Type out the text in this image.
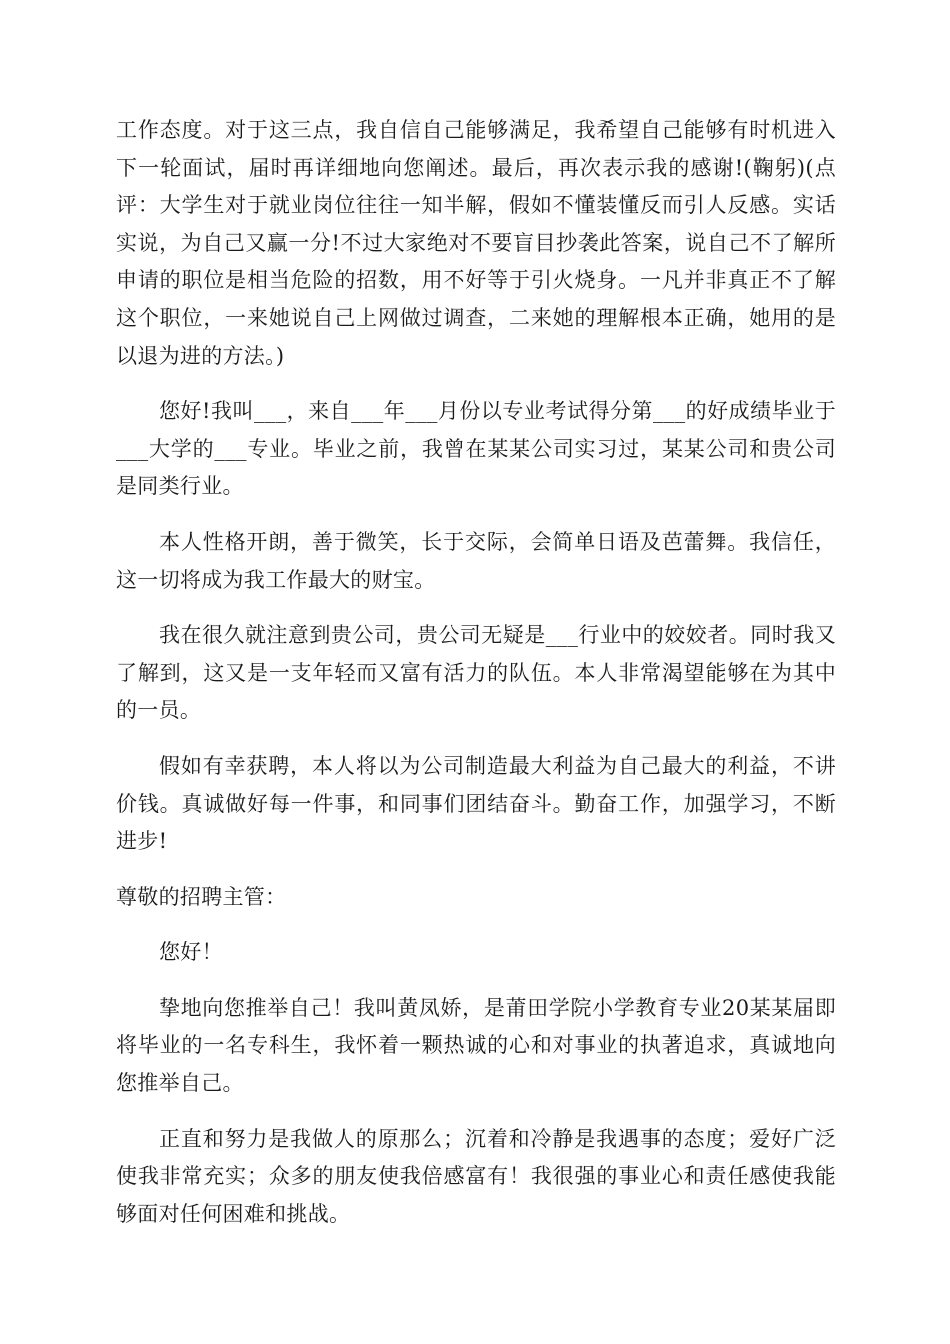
工作态度。对于这三点，我自信自己能够满足，我希望自己能够有时机进入下一轮面试，届时再详细地向您阐述。最后，再次表示我的感谢!(鞠躬)(点评：大学生对于就业岗位往往一知半解，假如不懂装懂反而引人反感。实话实说，为自己又赢一分!不过大家绝对不要盲目抄袭此答案，说自己不了解所申请的职位是相当危险的招数，用不好等于引火烧身。一凡并非真正不了解这个职位，一来她说自己上网做过调查，二来她的理解根本正确，她用的是以退为进的方法。)

您好!我叫___，来自___年___月份以专业考试得分第___的好成绩毕业于___大学的___专业。毕业之前，我曾在某某公司实习过，某某公司和贵公司是同类行业。

本人性格开朗，善于微笑，长于交际，会简单日语及芭蕾舞。我信任，这一切将成为我工作最大的财宝。

我在很久就注意到贵公司，贵公司无疑是___行业中的姣姣者。同时我又了解到，这又是一支年轻而又富有活力的队伍。本人非常渴望能够在为其中的一员。

假如有幸获聘，本人将以为公司制造最大利益为自己最大的利益，不讲价钱。真诚做好每一件事，和同事们团结奋斗。勤奋工作，加强学习，不断进步!

尊敬的招聘主管：

您好！

挚地向您推举自己！我叫黄凤娇，是莆田学院小学教育专业20某某届即将毕业的一名专科生，我怀着一颗热诚的心和对事业的执著追求，真诚地向您推举自己。

正直和努力是我做人的原那么；沉着和冷静是我遇事的态度；爱好广泛使我非常充实；众多的朋友使我倍感富有！我很强的事业心和责任感使我能够面对任何困难和挑战。
